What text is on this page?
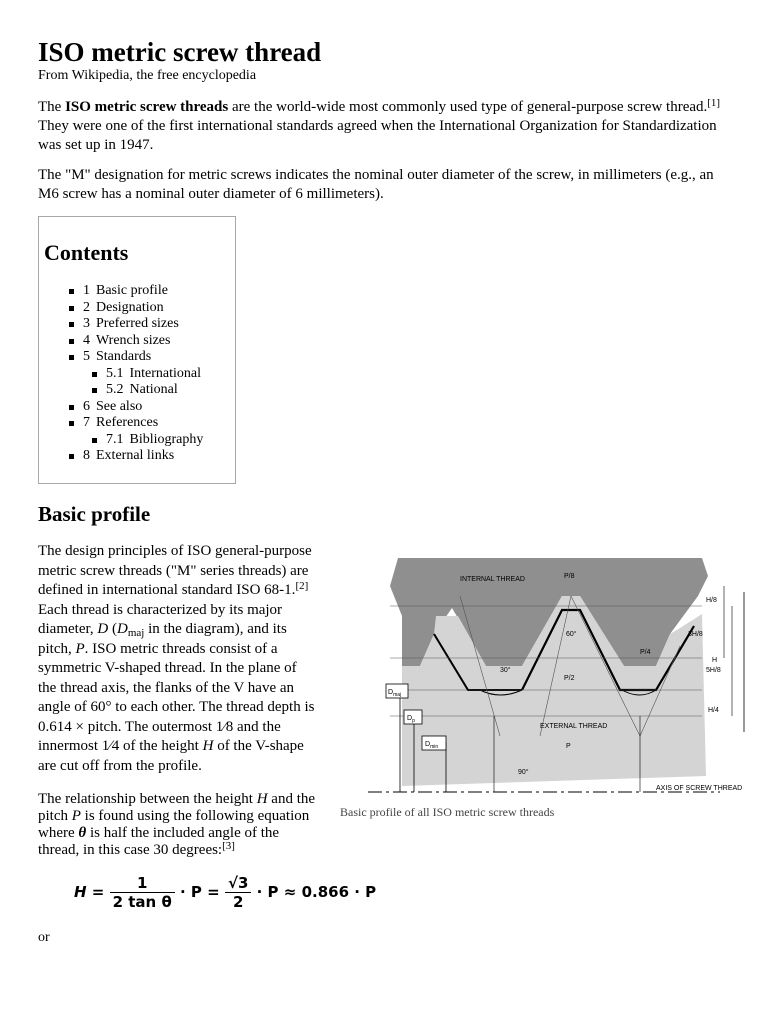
ISO metric screw thread
From Wikipedia, the free encyclopedia
The ISO metric screw threads are the world-wide most commonly used type of general-purpose screw thread.[1] They were one of the first international standards agreed when the International Organization for Standardization was set up in 1947.
The "M" designation for metric screws indicates the nominal outer diameter of the screw, in millimeters (e.g., an M6 screw has a nominal outer diameter of 6 millimeters).
Contents
1 Basic profile
2 Designation
3 Preferred sizes
4 Wrench sizes
5 Standards
5.1 International
5.2 National
6 See also
7 References
7.1 Bibliography
8 External links
Basic profile
The design principles of ISO general-purpose metric screw threads ("M" series threads) are defined in international standard ISO 68-1.[2] Each thread is characterized by its major diameter, D ($D_{maj}$ in the diagram), and its pitch, P. ISO metric threads consist of a symmetric V-shaped thread. In the plane of the thread axis, the flanks of the V have an angle of 60° to each other. The thread depth is 0.614 × pitch. The outermost 1⁄8 and the innermost 1⁄4 of the height H of the V-shape are cut off from the profile.
The relationship between the height H and the pitch P is found using the following equation where θ is half the included angle of the thread, in this case 30 degrees:[3]
$H = \frac{1}{\text{2 tan θ}} \cdot P = \frac{√3}{2} \cdot P \approx 0.866 \cdot P$
or
INTERNAL THREAD
EXTERNAL THREAD
AXIS OF SCREW THREAD
P/8
P/4
P/2
P
60°
30°
90°
H/8
3H/8
5H/8
H/4
H
$D_{maj}$
$D_p$
$D_{min}$
Basic profile of all ISO metric screw threads
